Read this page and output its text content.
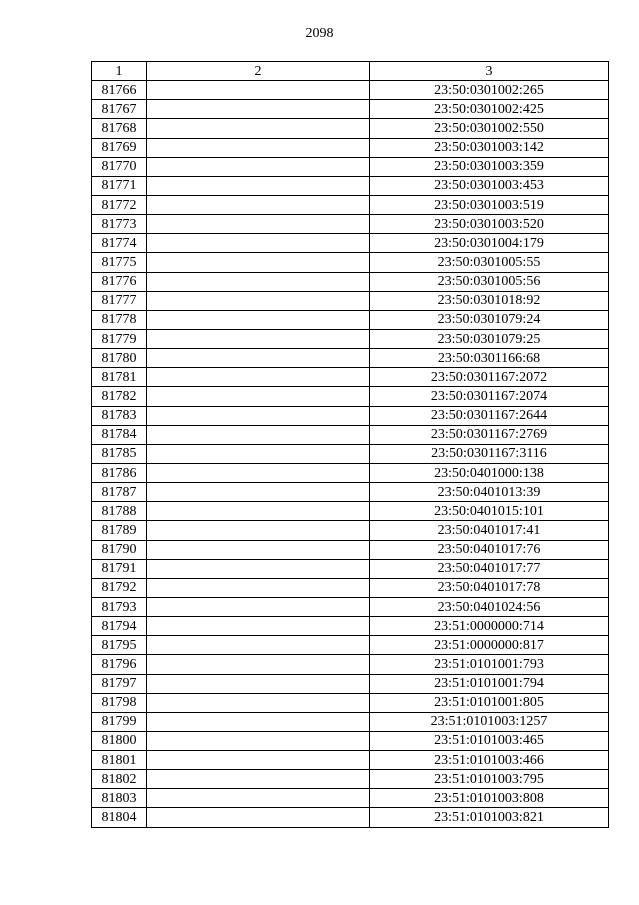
2098
1	2	3
81766		23:50:0301002:265
81767		23:50:0301002:425
81768		23:50:0301002:550
81769		23:50:0301003:142
81770		23:50:0301003:359
81771		23:50:0301003:453
81772		23:50:0301003:519
81773		23:50:0301003:520
81774		23:50:0301004:179
81775		23:50:0301005:55
81776		23:50:0301005:56
81777		23:50:0301018:92
81778		23:50:0301079:24
81779		23:50:0301079:25
81780		23:50:0301166:68
81781		23:50:0301167:2072
81782		23:50:0301167:2074
81783		23:50:0301167:2644
81784		23:50:0301167:2769
81785		23:50:0301167:3116
81786		23:50:0401000:138
81787		23:50:0401013:39
81788		23:50:0401015:101
81789		23:50:0401017:41
81790		23:50:0401017:76
81791		23:50:0401017:77
81792		23:50:0401017:78
81793		23:50:0401024:56
81794		23:51:0000000:714
81795		23:51:0000000:817
81796		23:51:0101001:793
81797		23:51:0101001:794
81798		23:51:0101001:805
81799		23:51:0101003:1257
81800		23:51:0101003:465
81801		23:51:0101003:466
81802		23:51:0101003:795
81803		23:51:0101003:808
81804		23:51:0101003:821
